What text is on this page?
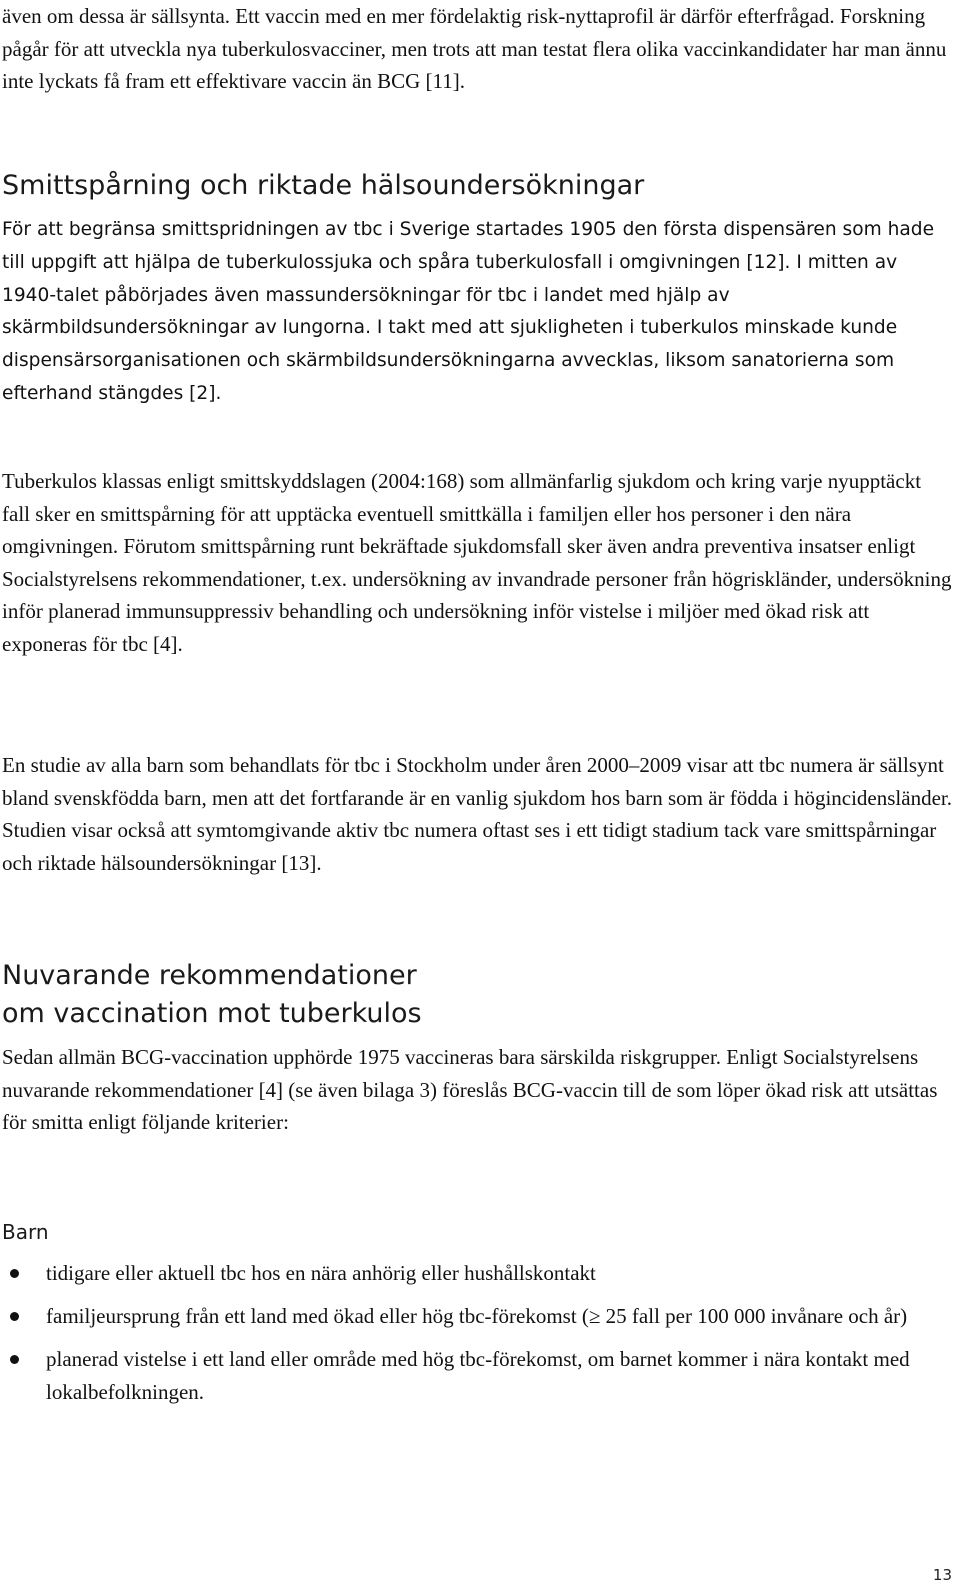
även om dessa är sällsynta. Ett vaccin med en mer fördelaktig risk-nyttaprofil är därför efterfrågad. Forskning pågår för att utveckla nya tuberkulosvacciner, men trots att man testat flera olika vaccinkandidater har man ännu inte lyckats få fram ett effektivare vaccin än BCG [11].

Smittspårning och riktade hälsoundersökningar

För att begränsa smittspridningen av tbc i Sverige startades 1905 den första dispensären som hade till uppgift att hjälpa de tuberkulossjuka och spåra tuberkulosfall i omgivningen [12]. I mitten av 1940-talet påbörjades även massundersökningar för tbc i landet med hjälp av skärmbildsundersökningar av lungorna. I takt med att sjukligheten i tuberkulos minskade kunde dispensärsorganisationen och skärmbildsundersökningarna avvecklas, liksom sanatorierna som efterhand stängdes [2].

Tuberkulos klassas enligt smittskyddslagen (2004:168) som allmänfarlig sjukdom och kring varje nyupptäckt fall sker en smittspårning för att upptäcka eventuell smittkälla i familjen eller hos personer i den nära omgivningen. Förutom smittspårning runt bekräftade sjukdomsfall sker även andra preventiva insatser enligt Socialstyrelsens rekommendationer, t.ex. undersökning av invandrade personer från högriskländer, undersökning inför planerad immunsuppressiv behandling och undersökning inför vistelse i miljöer med ökad risk att exponeras för tbc [4].

En studie av alla barn som behandlats för tbc i Stockholm under åren 2000–2009 visar att tbc numera är sällsynt bland svenskfödda barn, men att det fortfarande är en vanlig sjukdom hos barn som är födda i högincidensländer. Studien visar också att symtomgivande aktiv tbc numera oftast ses i ett tidigt stadium tack vare smittspårningar och riktade hälsoundersökningar [13].

Nuvarande rekommendationer
om vaccination mot tuberkulos

Sedan allmän BCG-vaccination upphörde 1975 vaccineras bara särskilda riskgrupper. Enligt Socialstyrelsens nuvarande rekommendationer [4] (se även bilaga 3) föreslås BCG-vaccin till de som löper ökad risk att utsättas för smitta enligt följande kriterier:

Barn
tidigare eller aktuell tbc hos en nära anhörig eller hushållskontakt
familjeursprung från ett land med ökad eller hög tbc-förekomst (≥ 25 fall per 100 000 invånare och år)
planerad vistelse i ett land eller område med hög tbc-förekomst, om barnet kommer i nära kontakt med lokalbefolkningen.
13
